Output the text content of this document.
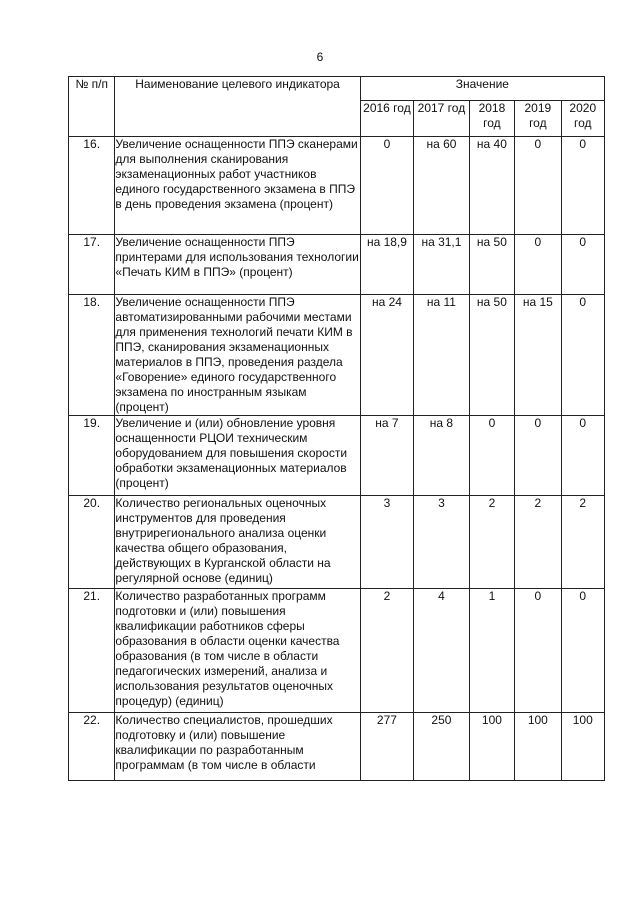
6
№ п/п	Наименование целевого индикатора	Значение				
		2016 год	2017 год	2018 год	2019 год	2020 год
16.	Увеличение оснащенности ППЭ сканерами для выполнения сканирования экзаменационных работ участников единого государственного экзамена в ППЭ в день проведения экзамена (процент)	0	на 60	на 40	0	0
17.	Увеличение оснащенности ППЭ принтерами для использования технологии «Печать КИМ в ППЭ» (процент)	на 18,9	на 31,1	на 50	0	0
18.	Увеличение оснащенности ППЭ автоматизированными рабочими местами для применения технологий печати КИМ в ППЭ, сканирования экзаменационных материалов в ППЭ, проведения раздела «Говорение» единого государственного экзамена по иностранным языкам (процент)	на 24	на 11	на 50	на 15	0
19.	Увеличение и (или) обновление уровня оснащенности РЦОИ техническим оборудованием для повышения скорости обработки экзаменационных материалов (процент)	на 7	на 8	0	0	0
20.	Количество региональных оценочных инструментов для проведения внутрирегионального анализа оценки качества общего образования, действующих в Курганской области на регулярной основе (единиц)	3	3	2	2	2
21.	Количество разработанных программ подготовки и (или) повышения квалификации работников сферы образования в области оценки качества образования (в том числе в области педагогических измерений, анализа и использования результатов оценочных процедур) (единиц)	2	4	1	0	0
22.	Количество специалистов, прошедших подготовку и (или) повышение квалификации по разработанным программам (в том числе в области	277	250	100	100	100
